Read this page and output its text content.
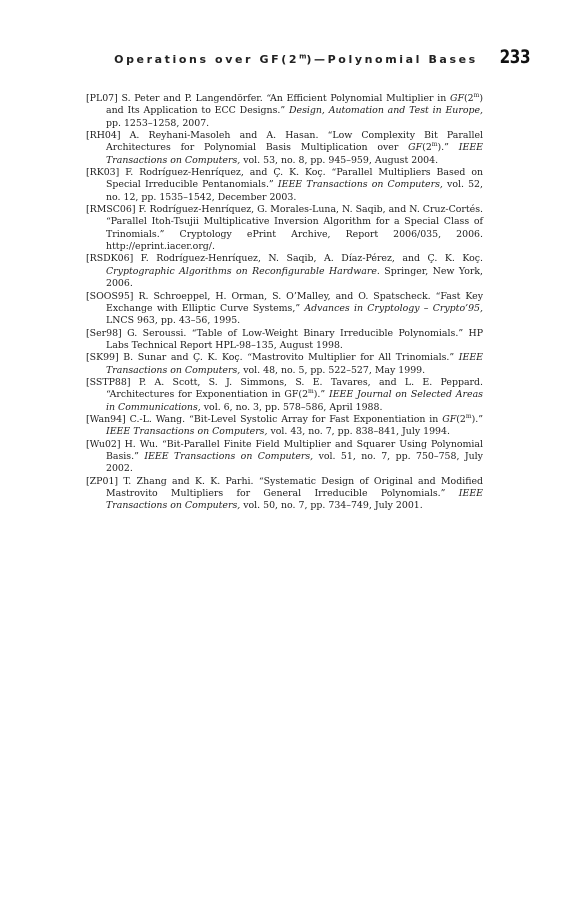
Operations over GF(2$^m$)—Polynomial Bases 233

[PL07] S. Peter and P. Langendörfer. “An Efficient Polynomial Multiplier in GF(2$^m$) and Its Application to ECC Designs.” Design, Automation and Test in Europe, pp. 1253–1258, 2007.

[RH04] A. Reyhani-Masoleh and A. Hasan. “Low Complexity Bit Parallel Architectures for Polynomial Basis Multiplication over GF(2$^m$).” IEEE Transactions on Computers, vol. 53, no. 8, pp. 945–959, August 2004.

[RK03] F. Rodríguez-Henríquez, and Ç. K. Koç. “Parallel Multipliers Based on Special Irreducible Pentanomials.” IEEE Transactions on Computers, vol. 52, no. 12, pp. 1535–1542, December 2003.

[RMSC06] F. Rodríguez-Henríquez, G. Morales-Luna, N. Saqib, and N. Cruz-Cortés. “Parallel Itoh-Tsujii Multiplicative Inversion Algorithm for a Special Class of Trinomials.” Cryptology ePrint Archive, Report 2006/035, 2006. http://eprint.iacer.org/.

[RSDK06] F. Rodríguez-Henríquez, N. Saqib, A. Díaz-Pérez, and Ç. K. Koç. Cryptographic Algorithms on Reconfigurable Hardware. Springer, New York, 2006.

[SOOS95] R. Schroeppel, H. Orman, S. O’Malley, and O. Spatscheck. “Fast Key Exchange with Elliptic Curve Systems,” Advances in Cryptology – Crypto’95, LNCS 963, pp. 43–56, 1995.

[Ser98] G. Seroussi. “Table of Low-Weight Binary Irreducible Polynomials.” HP Labs Technical Report HPL-98–135, August 1998.

[SK99] B. Sunar and Ç. K. Koç. “Mastrovito Multiplier for All Trinomials.” IEEE Transactions on Computers, vol. 48, no. 5, pp. 522–527, May 1999.

[SSTP88] P. A. Scott, S. J. Simmons, S. E. Tavares, and L. E. Peppard. “Architectures for Exponentiation in GF(2$^m$).” IEEE Journal on Selected Areas in Communications, vol. 6, no. 3, pp. 578–586, April 1988.

[Wan94] C.-L. Wang. “Bit-Level Systolic Array for Fast Exponentiation in GF(2$^m$).” IEEE Transactions on Computers, vol. 43, no. 7, pp. 838–841, July 1994.

[Wu02] H. Wu. “Bit-Parallel Finite Field Multiplier and Squarer Using Polynomial Basis.” IEEE Transactions on Computers, vol. 51, no. 7, pp. 750–758, July 2002.

[ZP01] T. Zhang and K. K. Parhi. “Systematic Design of Original and Modified Mastrovito Multipliers for General Irreducible Polynomials.” IEEE Transactions on Computers, vol. 50, no. 7, pp. 734–749, July 2001.
